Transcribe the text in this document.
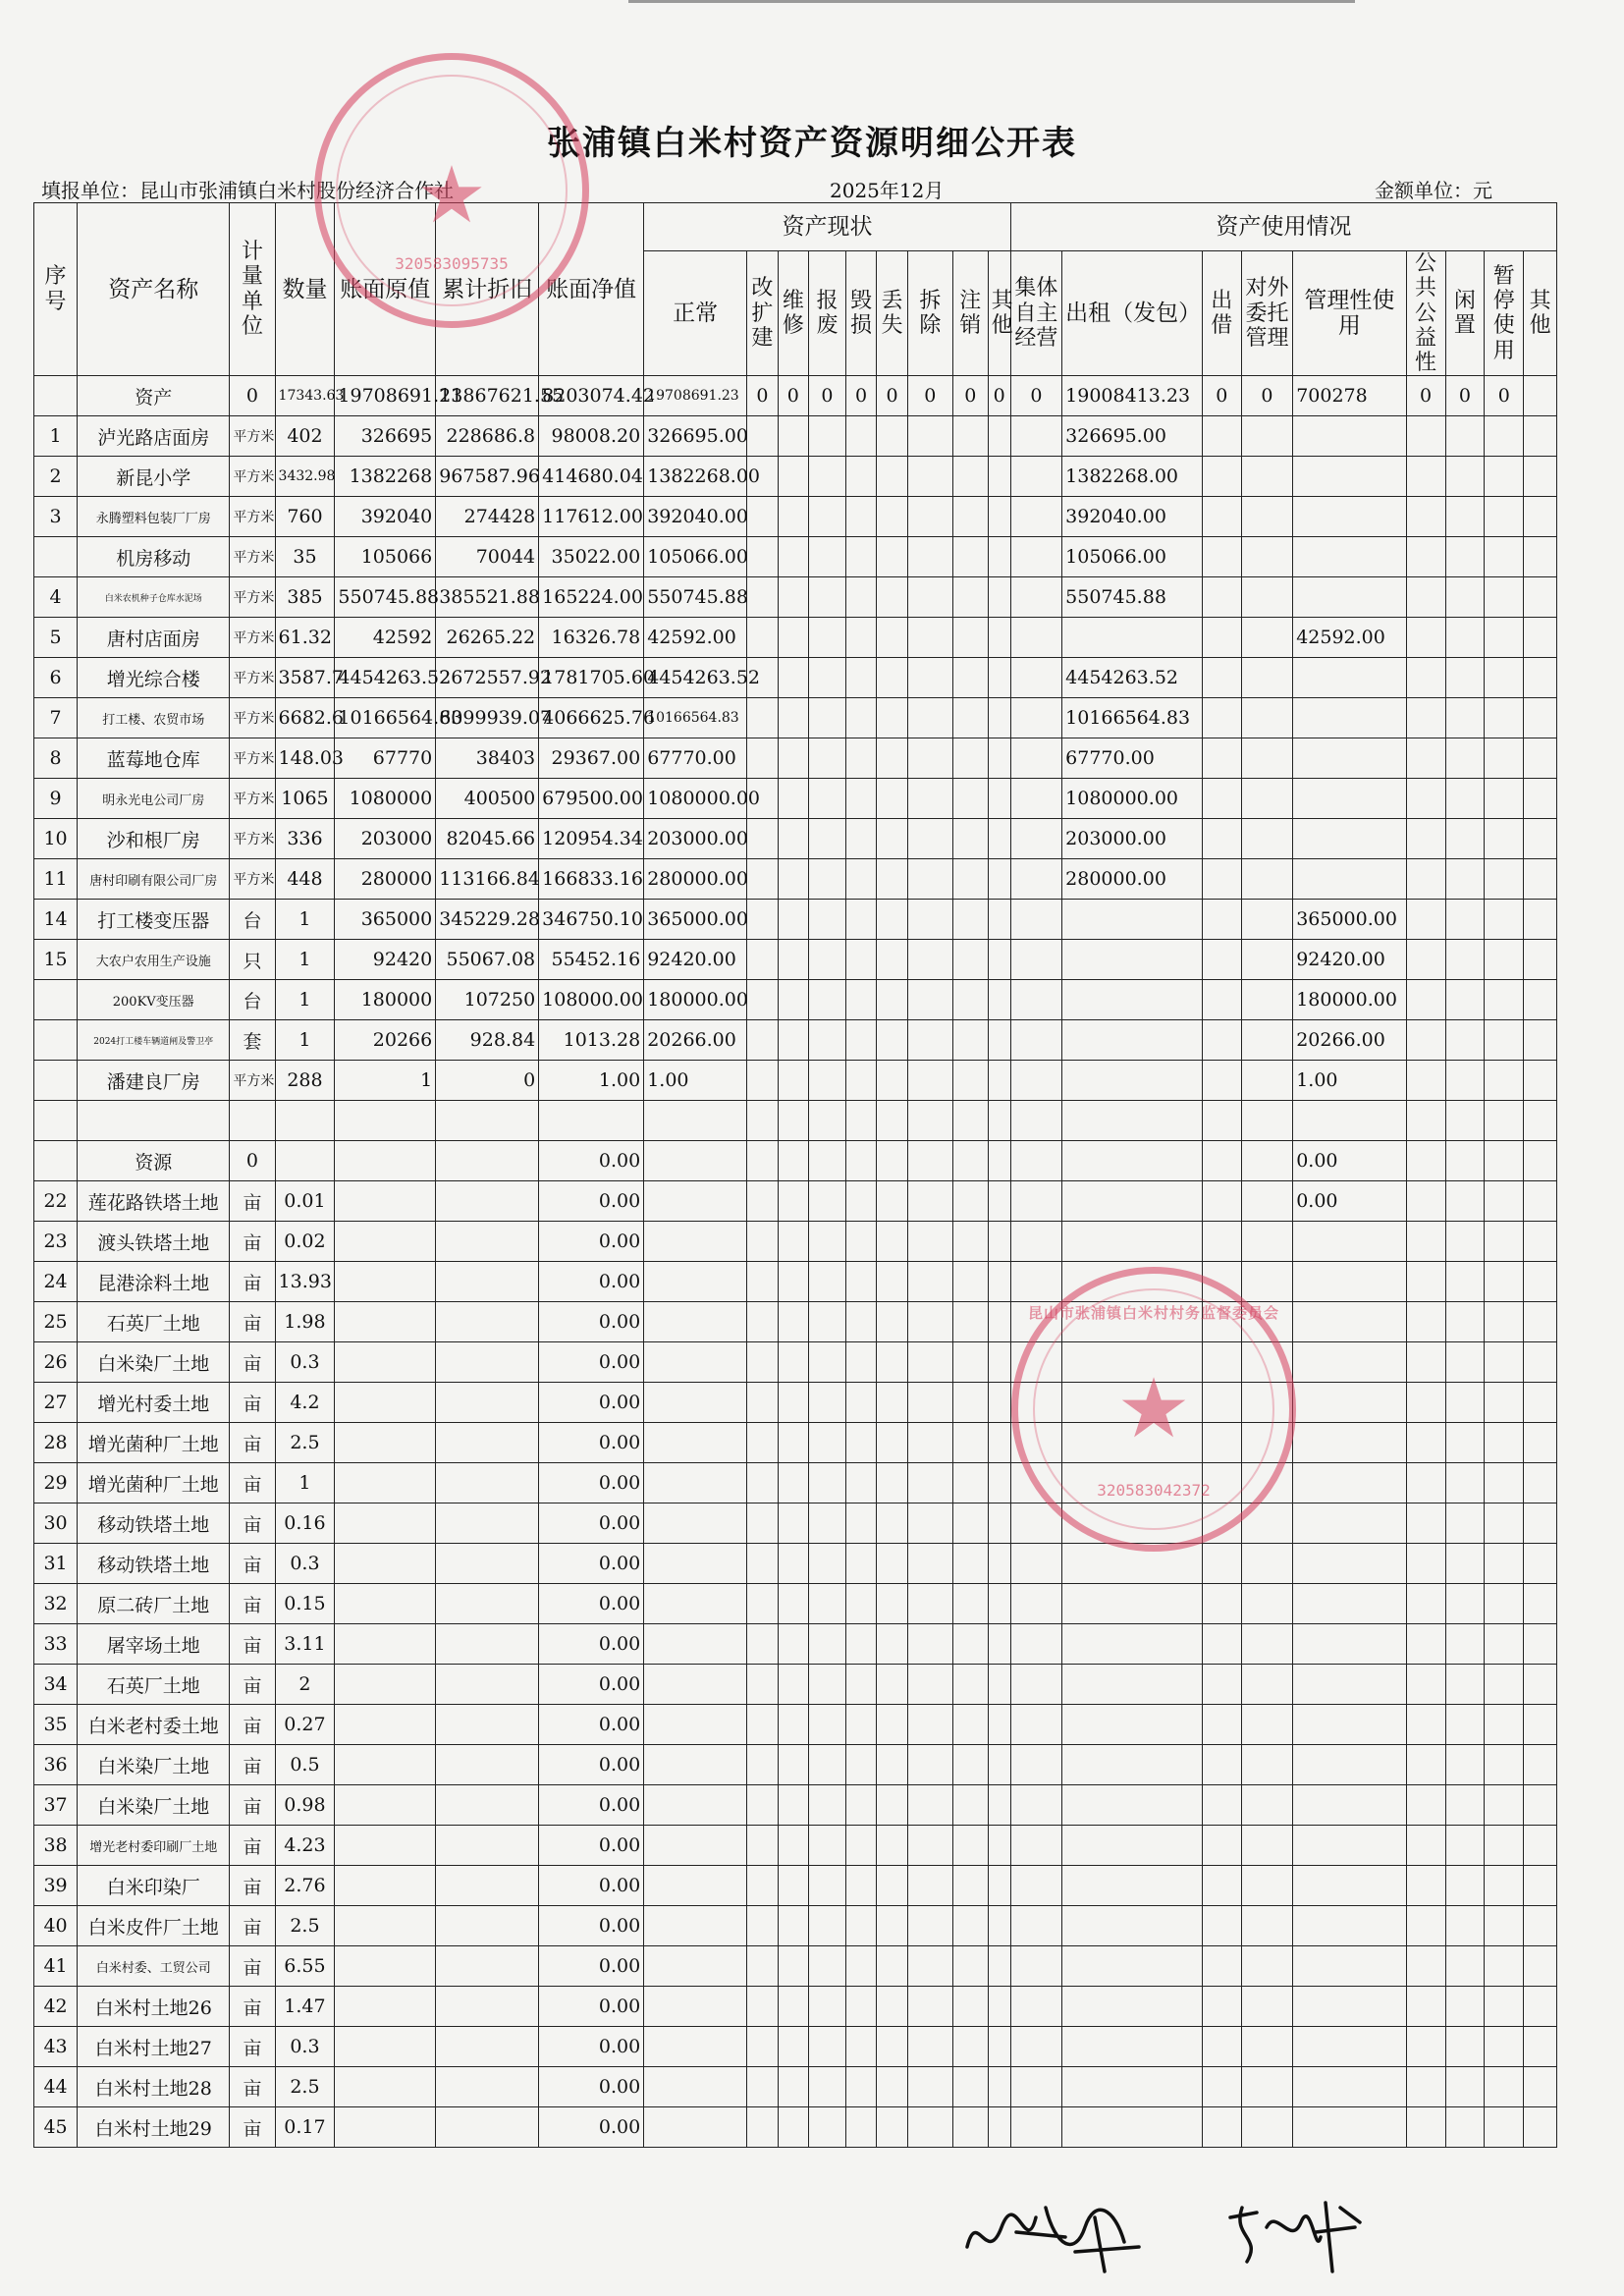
张浦镇白米村资产资源明细公开表
填报单位：昆山市张浦镇白米村股份经济合作社	2025年12月	金额单位：元
序号	资产名称	计量单位	数量	账面原值	累计折旧	账面净值	资产现状									资产使用情况								
							正常	改扩建	维修	报废	毁损	丢失	拆除	注销	其他	集体自主经营	出租（发包）	出借	对外委托管理	管理性使用	公共公益性	闲置	暂停使用	其他
	资产	0	17343.63	19708691.23	11867621.55	8203074.42	19708691.23	0	0	0	0	0	0	0	0	0	19008413.23	0	0	700278	0	0	0	
1	泸光路店面房	平方米	402	326695	228686.8	98008.20	326695.00										326695.00							
2	新昆小学	平方米	3432.98	1382268	967587.96	414680.04	1382268.00										1382268.00							
3	永腾塑料包装厂厂房	平方米	760	392040	274428	117612.00	392040.00										392040.00							
	机房移动	平方米	35	105066	70044	35022.00	105066.00										105066.00							
4	白米农机种子仓库水泥场	平方米	385	550745.88	385521.88	165224.00	550745.88										550745.88							
5	唐村店面房	平方米	61.32	42592	26265.22	16326.78	42592.00													42592.00				
6	增光综合楼	平方米	3587.7	4454263.52	2672557.92	1781705.60	4454263.52										4454263.52							
7	打工楼、农贸市场	平方米	6682.6	10166564.83	6099939.07	4066625.76	10166564.83										10166564.83							
8	蓝莓地仓库	平方米	148.03	67770	38403	29367.00	67770.00										67770.00							
9	明永光电公司厂房	平方米	1065	1080000	400500	679500.00	1080000.00										1080000.00							
10	沙和根厂房	平方米	336	203000	82045.66	120954.34	203000.00										203000.00							
11	唐村印刷有限公司厂房	平方米	448	280000	113166.84	166833.16	280000.00										280000.00							
14	打工楼变压器	台	1	365000	345229.28	346750.10	365000.00													365000.00				
15	大农户农用生产设施	只	1	92420	55067.08	55452.16	92420.00													92420.00				
	200KV变压器	台	1	180000	107250	108000.00	180000.00													180000.00				
	2024打工楼车辆道闸及警卫亭	套	1	20266	928.84	1013.28	20266.00													20266.00				
	潘建良厂房	平方米	288	1	0	1.00	1.00													1.00				

	资源	0				0.00														0.00				
22	莲花路铁塔土地	亩	0.01			0.00														0.00				
23	渡头铁塔土地	亩	0.02			0.00																		
24	昆港涂料土地	亩	13.93			0.00																		
25	石英厂土地	亩	1.98			0.00																		
26	白米染厂土地	亩	0.3			0.00																		
27	增光村委土地	亩	4.2			0.00																		
28	增光菌种厂土地	亩	2.5			0.00																		
29	增光菌种厂土地	亩	1			0.00																		
30	移动铁塔土地	亩	0.16			0.00																		
31	移动铁塔土地	亩	0.3			0.00																		
32	原二砖厂土地	亩	0.15			0.00																		
33	屠宰场土地	亩	3.11			0.00																		
34	石英厂土地	亩	2			0.00																		
35	白米老村委土地	亩	0.27			0.00																		
36	白米染厂土地	亩	0.5			0.00																		
37	白米染厂土地	亩	0.98			0.00																		
38	增光老村委印刷厂土地	亩	4.23			0.00																		
39	白米印染厂	亩	2.76			0.00																		
40	白米皮件厂土地	亩	2.5			0.00																		
41	白米村委、工贸公司	亩	6.55			0.00																		
42	白米村土地26	亩	1.47			0.00																		
43	白米村土地27	亩	0.3			0.00																		
44	白米村土地28	亩	2.5			0.00																		
45	白米村土地29	亩	0.17			0.00																		
★
320583095735
昆山市张浦镇白米村村务监督委员会
★
320583042372
